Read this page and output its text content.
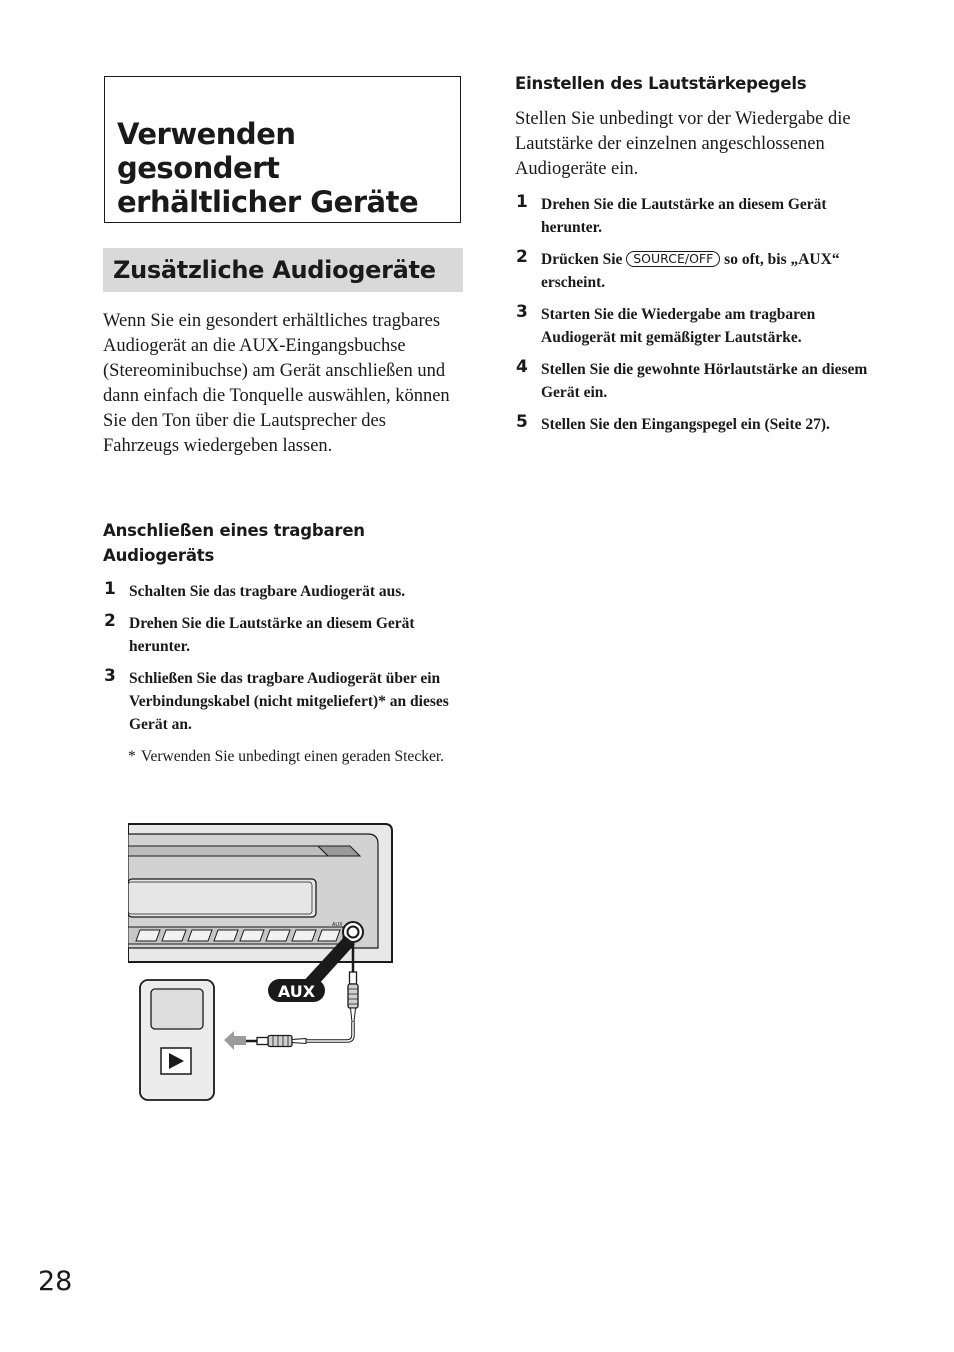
Verwenden
gesondert
erhältlicher Geräte
Zusätzliche Audiogeräte

Wenn Sie ein gesondert erhältliches tragbares Audiogerät an die AUX-Eingangsbuchse (Stereominibuchse) am Gerät anschließen und dann einfach die Tonquelle auswählen, können Sie den Ton über die Lautsprecher des Fahrzeugs wiedergeben lassen.

Anschließen eines tragbaren
Audiogeräts
1 Schalten Sie das tragbare Audiogerät aus.
2 Drehen Sie die Lautstärke an diesem Gerät herunter.
3 Schließen Sie das tragbare Audiogerät über ein Verbindungskabel (nicht mitgeliefert)* an dieses Gerät an.

* Verwenden Sie unbedingt einen geraden Stecker.

AUX
AUX
Einstellen des Lautstärkepegels

Stellen Sie unbedingt vor der Wiedergabe die Lautstärke der einzelnen angeschlossenen Audiogeräte ein.

1 Drehen Sie die Lautstärke an diesem Gerät herunter.
2 Drücken Sie SOURCE/OFF so oft, bis „AUX“ erscheint.
3 Starten Sie die Wiedergabe am tragbaren Audiogerät mit gemäßigter Lautstärke.
4 Stellen Sie die gewohnte Hörlautstärke an diesem Gerät ein.
5 Stellen Sie den Eingangspegel ein (Seite 27).
28
